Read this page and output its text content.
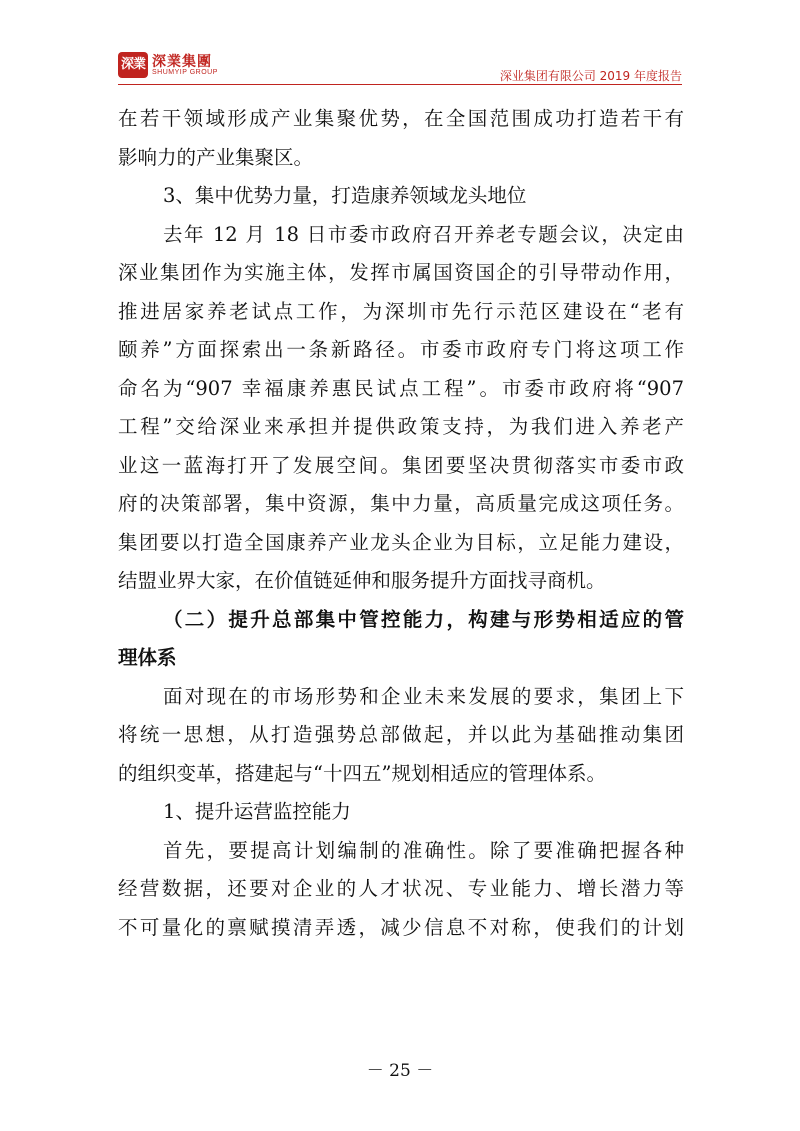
深業 深業集團
SHUMYIP GROUP	深业集团有限公司 2019 年度报告
在若干领域形成产业集聚优势，在全国范围成功打造若干有
影响力的产业集聚区。
3、集中优势力量，打造康养领域龙头地位
去年 12 月 18 日市委市政府召开养老专题会议，决定由
深业集团作为实施主体，发挥市属国资国企的引导带动作用，
推进居家养老试点工作，为深圳市先行示范区建设在“老有
颐养”方面探索出一条新路径。市委市政府专门将这项工作
命名为“907 幸福康养惠民试点工程”。市委市政府将“907
工程”交给深业来承担并提供政策支持，为我们进入养老产
业这一蓝海打开了发展空间。集团要坚决贯彻落实市委市政
府的决策部署，集中资源，集中力量，高质量完成这项任务。
集团要以打造全国康养产业龙头企业为目标，立足能力建设，
结盟业界大家，在价值链延伸和服务提升方面找寻商机。
（二）提升总部集中管控能力，构建与形势相适应的管
理体系
面对现在的市场形势和企业未来发展的要求，集团上下
将统一思想，从打造强势总部做起，并以此为基础推动集团
的组织变革，搭建起与“十四五”规划相适应的管理体系。
1、提升运营监控能力
首先，要提高计划编制的准确性。除了要准确把握各种
经营数据，还要对企业的人才状况、专业能力、增长潜力等
不可量化的禀赋摸清弄透，减少信息不对称，使我们的计划
－ 25 －
